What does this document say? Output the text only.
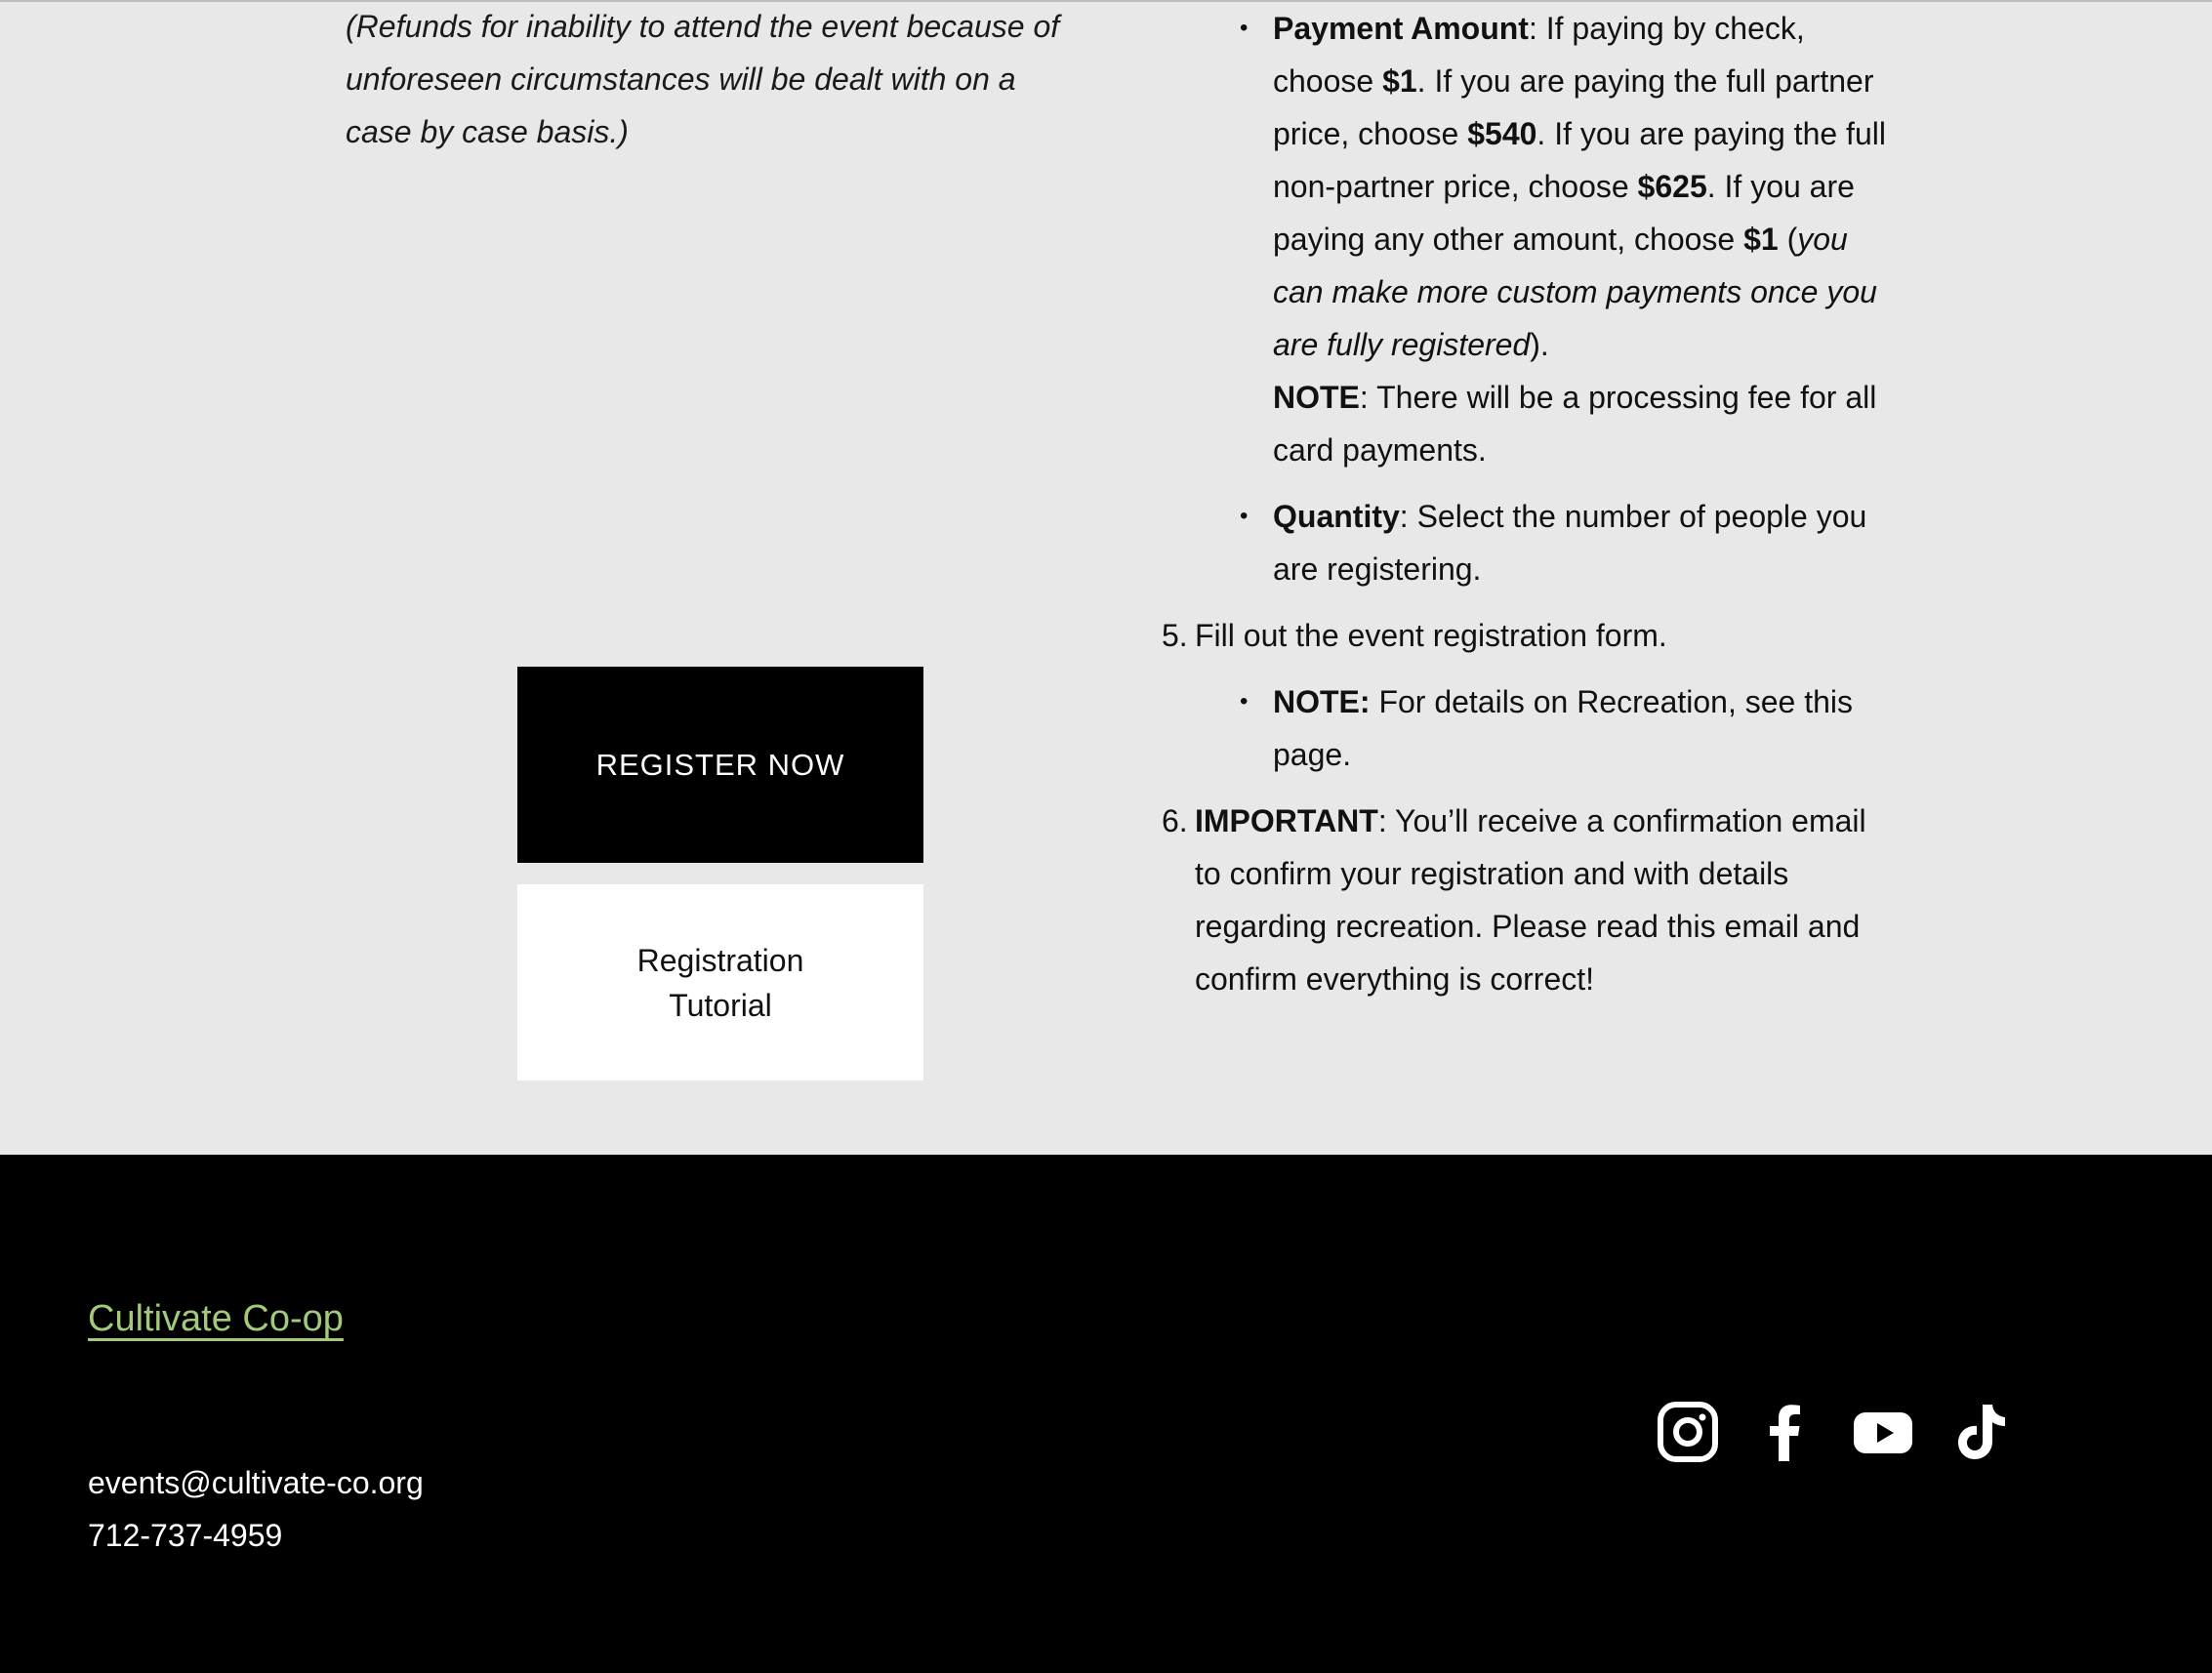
(Refunds for inability to attend the event because of unforeseen circumstances will be dealt with on a case by case basis.)

REGISTER NOW
Registration Tutorial
• Payment Amount: If paying by check, choose $1. If you are paying the full partner price, choose $540. If you are paying the full non-partner price, choose $625. If you are paying any other amount, choose $1 (you can make more custom payments once you are fully registered).
NOTE: There will be a processing fee for all card payments.
• Quantity: Select the number of people you are registering.
5. Fill out the event registration form.
• NOTE: For details on Recreation, see this page.
6. IMPORTANT: You’ll receive a confirmation email to confirm your registration and with details regarding recreation. Please read this email and confirm everything is correct!
Cultivate Co-op
events@cultivate-co.org
712-737-4959
